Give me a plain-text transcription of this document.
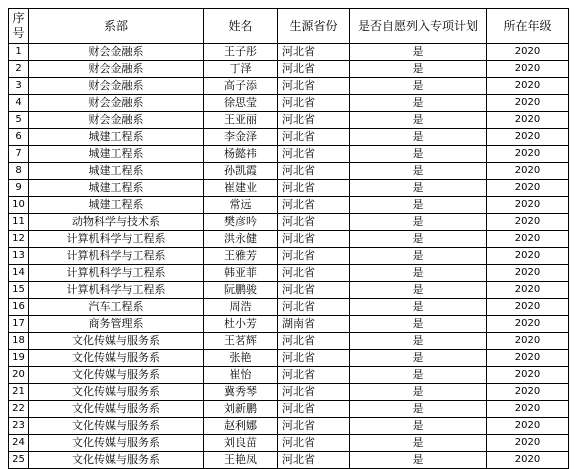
序号	系部	姓名	生源省份	是否自愿列入专项计划	所在年级
1	财会金融系	王子彤	河北省	是	2020
2	财会金融系	丁泽	河北省	是	2020
3	财会金融系	高子添	河北省	是	2020
4	财会金融系	徐思莹	河北省	是	2020
5	财会金融系	王亚丽	河北省	是	2020
6	城建工程系	李金泽	河北省	是	2020
7	城建工程系	杨懿祎	河北省	是	2020
8	城建工程系	孙凯霞	河北省	是	2020
9	城建工程系	崔建业	河北省	是	2020
10	城建工程系	常远	河北省	是	2020
11	动物科学与技术系	樊彦吟	河北省	是	2020
12	计算机科学与工程系	洪永健	河北省	是	2020
13	计算机科学与工程系	王雅芳	河北省	是	2020
14	计算机科学与工程系	韩亚菲	河北省	是	2020
15	计算机科学与工程系	阮鹏骏	河北省	是	2020
16	汽车工程系	周浩	河北省	是	2020
17	商务管理系	杜小芳	湖南省	是	2020
18	文化传媒与服务系	王茗辉	河北省	是	2020
19	文化传媒与服务系	张艳	河北省	是	2020
20	文化传媒与服务系	崔怡	河北省	是	2020
21	文化传媒与服务系	冀秀琴	河北省	是	2020
22	文化传媒与服务系	刘新鹏	河北省	是	2020
23	文化传媒与服务系	赵利娜	河北省	是	2020
24	文化传媒与服务系	刘良苗	河北省	是	2020
25	文化传媒与服务系	王艳凤	河北省	是	2020
